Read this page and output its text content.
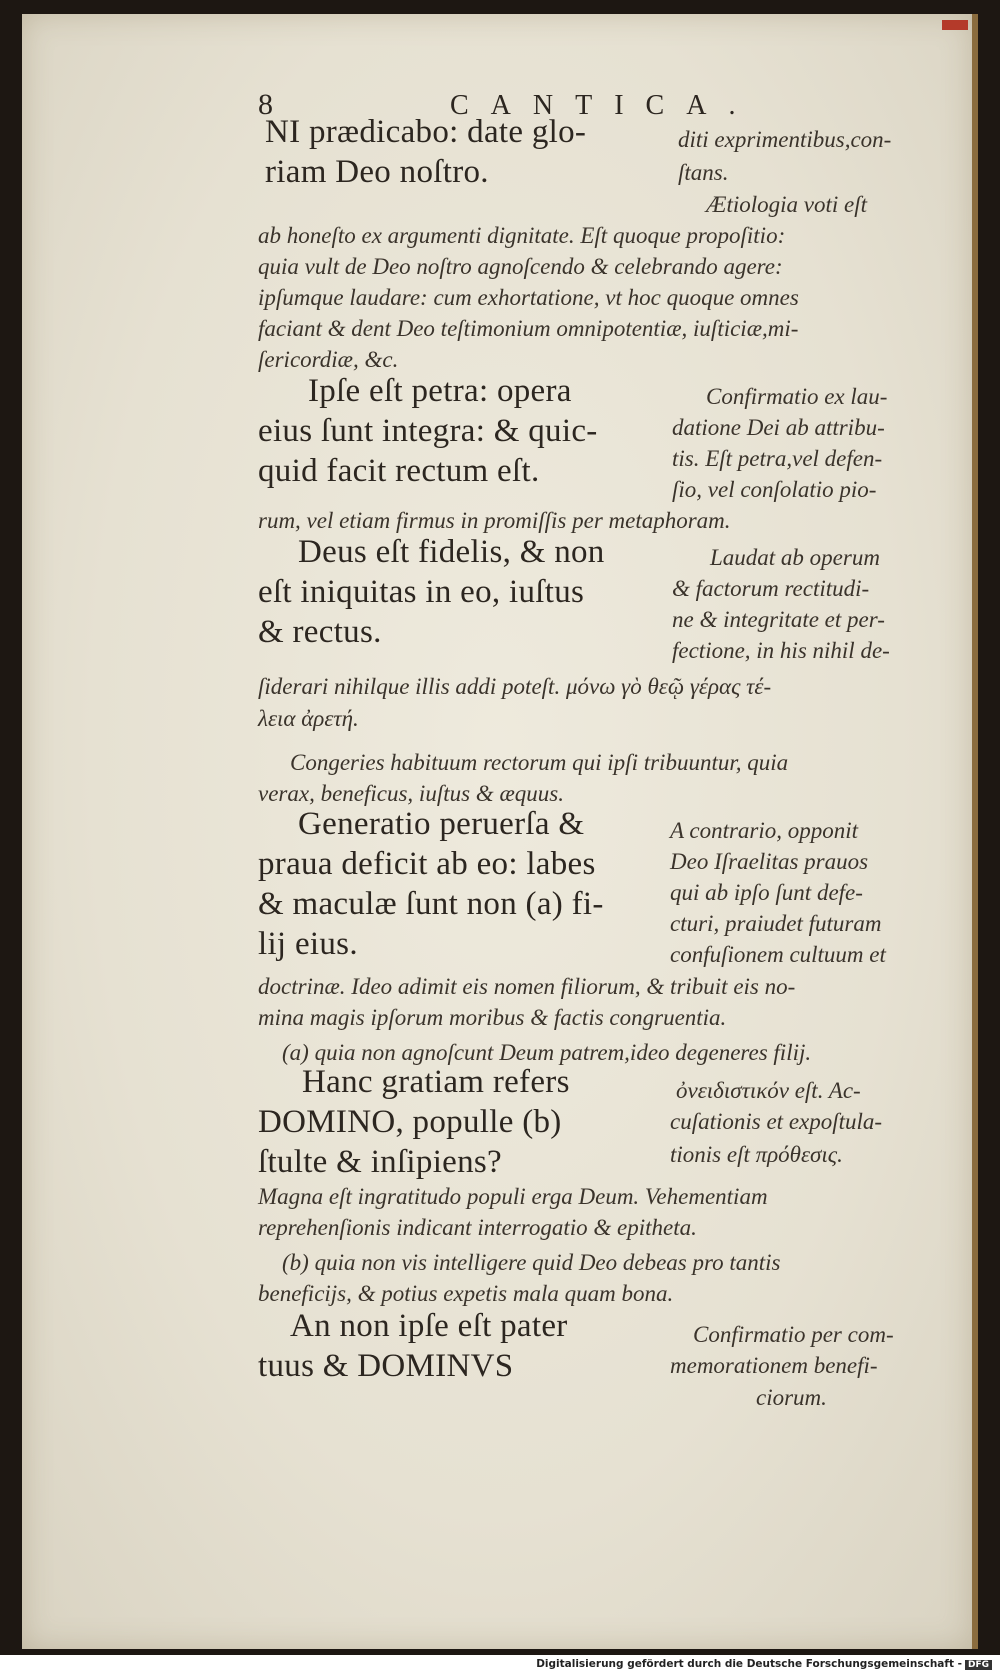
8	CANTICA.
NI prædicabo: date glo-	diti exprimentibus,con-
riam Deo noſtro.	ſtans.
Ætiologia voti eſt
ab honeſto ex argumenti dignitate. Eſt quoque propoſitio:
quia vult de Deo noſtro agnoſcendo & celebrando agere:
ipſumque laudare: cum exhortatione, vt hoc quoque omnes
faciant & dent Deo teſtimonium omnipotentiæ, iuſticiæ,mi-
ſericordiæ, &c.
Ipſe eſt petra: opera	Confirmatio ex lau-
eius ſunt integra: & quic-	datione Dei ab attribu-
tis. Eſt petra,vel defen-
quid facit rectum eſt.
ſio, vel conſolatio pio-
rum, vel etiam firmus in promiſſis per metaphoram.
Deus eſt fidelis, & non	Laudat ab operum
eſt iniquitas in eo, iuſtus	& factorum rectitudi-
& rectus.	ne & integritate et per-
fectione, in his nihil de-
ſiderari nihilque illis addi poteſt. μόνω γὸ θεῷ γέρας τέ-
λεια ἀρετή.
Congeries habituum rectorum qui ipſi tribuuntur, quia
verax, beneficus, iuſtus & æquus.
Generatio peruerſa &	A contrario, opponit
praua deficit ab eo: labes	Deo Iſraelitas prauos
qui ab ipſo ſunt defe-
& maculæ ſunt non (a) fi-
cturi, praiudet futuram
lij eius.	confuſionem cultuum et
doctrinæ. Ideo adimit eis nomen filiorum, & tribuit eis no-
mina magis ipſorum moribus & factis congruentia.
(a) quia non agnoſcunt Deum patrem,ideo degeneres filij.
Hanc gratiam refers	ὀνειδιστικόν eſt. Ac-
DOMINO, populle (b)	cuſationis et expoſtula-
ſtulte & inſipiens?	tionis eſt πρόθεσις.
Magna eſt ingratitudo populi erga Deum. Vehementiam
reprehenſionis indicant interrogatio & epitheta.
(b) quia non vis intelligere quid Deo debeas pro tantis
beneficijs, & potius expetis mala quam bona.
An non ipſe eſt pater	Confirmatio per com-
tuus & DOMINVS	memorationem benefi-
ciorum.
Digitalisierung gefördert durch die Deutsche Forschungsgemeinschaft - DFG
